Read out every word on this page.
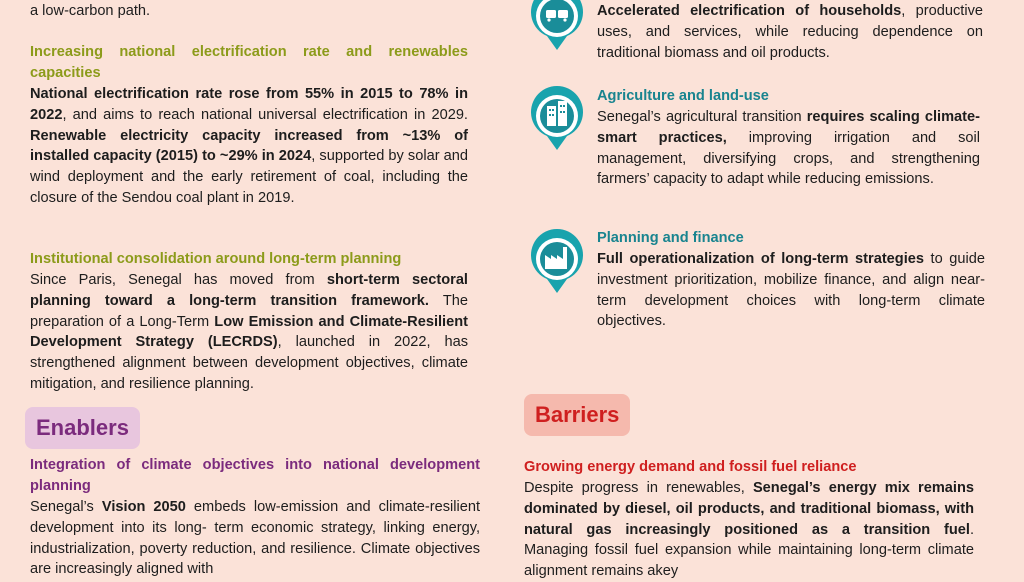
a low-carbon path.
Increasing national electrification rate and renewables capacities
National electrification rate rose from 55% in 2015 to 78% in 2022, and aims to reach national universal electrification in 2029. Renewable electricity capacity increased from ~13% of installed capacity (2015) to ~29% in 2024, supported by solar and wind deployment and the early retirement of coal, including the closure of the Sendou coal plant in 2019.
Institutional consolidation around long-term planning
Since Paris, Senegal has moved from short-term sectoral planning toward a long-term transition framework. The preparation of a Long-Term Low Emission and Climate-Resilient Development Strategy (LECRDS), launched in 2022, has strengthened alignment between development objectives, climate mitigation, and resilience planning.
Enablers
Integration of climate objectives into national development planning
Senegal’s Vision 2050 embeds low-emission and climate-resilient development into its long- term economic strategy, linking energy, industrialization, poverty reduction, and resilience. Climate objectives are increasingly aligned with
Accelerated electrification of households, productive uses, and services, while reducing dependence on traditional biomass and oil products.
Agriculture and land-use
Senegal’s agricultural transition requires scaling climate-smart practices, improving irrigation and soil management, diversifying crops, and strengthening farmers’ capacity to adapt while reducing emissions.
Planning and finance
Full operationalization of long-term strategies to guide investment prioritization, mobilize finance, and align near-term development choices with long-term climate objectives.
Barriers
Growing energy demand and fossil fuel reliance
Despite progress in renewables, Senegal’s energy mix remains dominated by diesel, oil products, and traditional biomass, with natural gas increasingly positioned as a transition fuel. Managing fossil fuel expansion while maintaining long-term climate alignment remains akey
